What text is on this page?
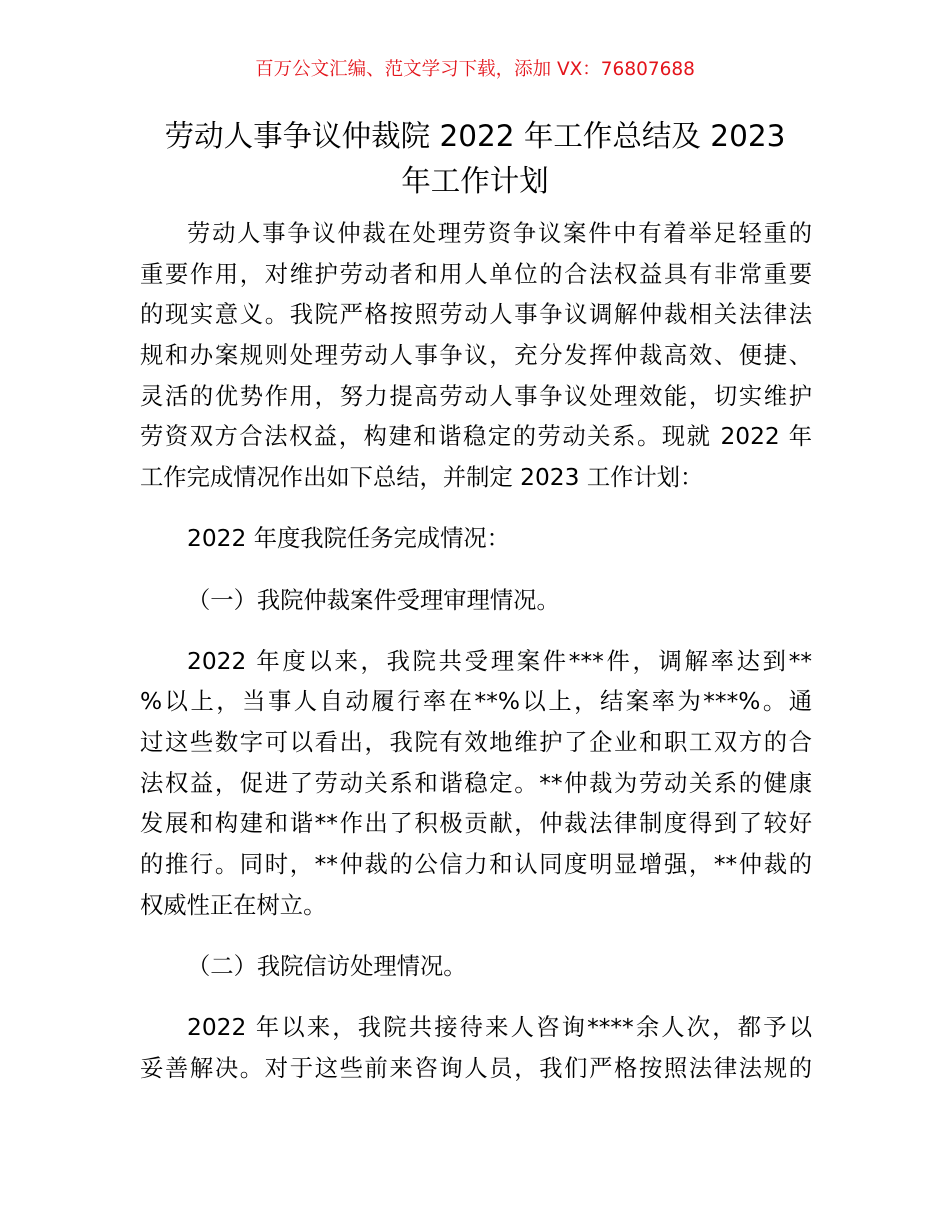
百万公文汇编、范文学习下载，添加 VX：76807688
劳动人事争议仲裁院 2022 年工作总结及 2023
年工作计划
劳动人事争议仲裁在处理劳资争议案件中有着举足轻重的
重要作用，对维护劳动者和用人单位的合法权益具有非常重要
的现实意义。我院严格按照劳动人事争议调解仲裁相关法律法
规和办案规则处理劳动人事争议，充分发挥仲裁高效、便捷、
灵活的优势作用，努力提高劳动人事争议处理效能，切实维护
劳资双方合法权益，构建和谐稳定的劳动关系。现就 2022 年
工作完成情况作出如下总结，并制定 2023 工作计划：
2022 年度我院任务完成情况：
（一）我院仲裁案件受理审理情况。
2022 年度以来，我院共受理案件***件，调解率达到**
%以上，当事人自动履行率在**%以上，结案率为***%。通
过这些数字可以看出，我院有效地维护了企业和职工双方的合
法权益，促进了劳动关系和谐稳定。**仲裁为劳动关系的健康
发展和构建和谐**作出了积极贡献，仲裁法律制度得到了较好
的推行。同时，**仲裁的公信力和认同度明显增强，**仲裁的
权威性正在树立。
（二）我院信访处理情况。
2022 年以来，我院共接待来人咨询****余人次，都予以
妥善解决。对于这些前来咨询人员，我们严格按照法律法规的
